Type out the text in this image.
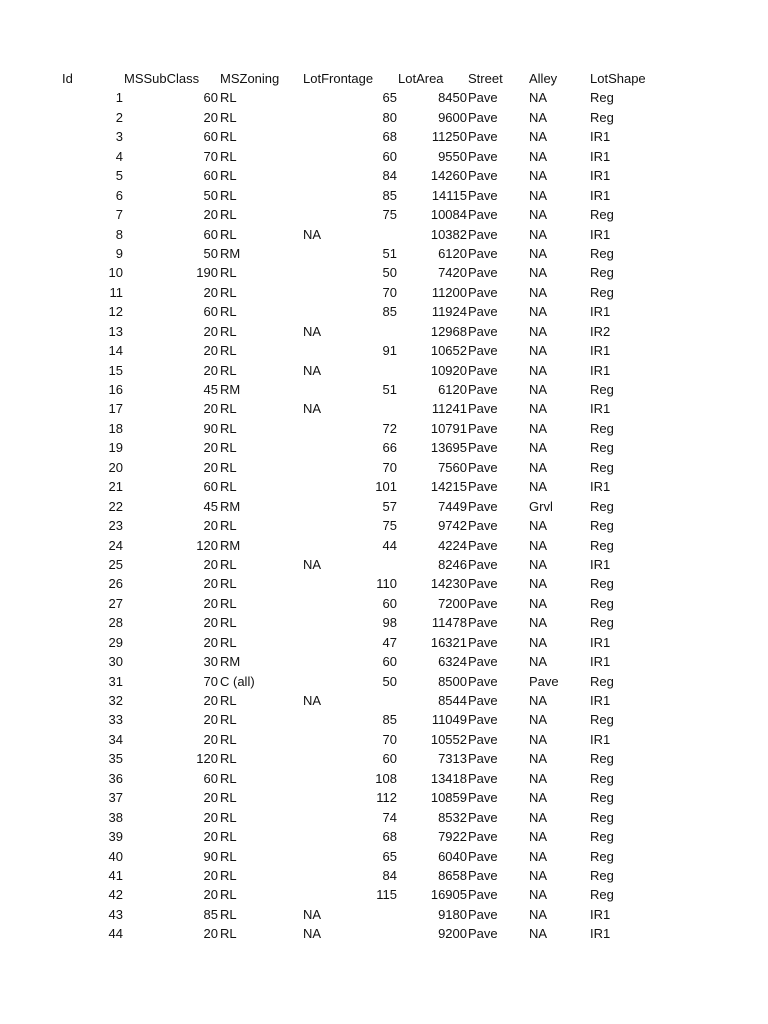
Id	MSSubClass MSZoning LotFrontage LotArea Street Alley	LotShape
1	60 RL	65	8450 Pave NA	Reg
2	20 RL	80	9600 Pave NA	Reg
3	60 RL	68	11250 Pave NA	IR1
4	70 RL	60	9550 Pave NA	IR1
5	60 RL	84	14260 Pave NA	IR1
6	50 RL	85	14115 Pave NA	IR1
7	20 RL	75	10084 Pave NA	Reg
8	60 RL	NA	10382 Pave NA	IR1
9	50 RM	51	6120 Pave NA	Reg
10	190 RL	50	7420 Pave NA	Reg
11	20 RL	70	11200 Pave NA	Reg
12	60 RL	85	11924 Pave NA	IR1
13	20 RL	NA	12968 Pave NA	IR2
14	20 RL	91	10652 Pave NA	IR1
15	20 RL	NA	10920 Pave NA	IR1
16	45 RM	51	6120 Pave NA	Reg
17	20 RL	NA	11241 Pave NA	IR1
18	90 RL	72	10791 Pave NA	Reg
19	20 RL	66	13695 Pave NA	Reg
20	20 RL	70	7560 Pave NA	Reg
21	60 RL	101	14215 Pave NA	IR1
22	45 RM	57	7449 Pave Grvl	Reg
23	20 RL	75	9742 Pave NA	Reg
24	120 RM	44	4224 Pave NA	Reg
25	20 RL	NA	8246 Pave NA	IR1
26	20 RL	110	14230 Pave NA	Reg
27	20 RL	60	7200 Pave NA	Reg
28	20 RL	98	11478 Pave NA	Reg
29	20 RL	47	16321 Pave NA	IR1
30	30 RM	60	6324 Pave NA	IR1
31	70 C (all)	50	8500 Pave Pave Reg
32	20 RL	NA	8544 Pave NA	IR1
33	20 RL	85	11049 Pave NA	Reg
34	20 RL	70	10552 Pave NA	IR1
35	120 RL	60	7313 Pave NA	Reg
36	60 RL	108	13418 Pave NA	Reg
37	20 RL	112	10859 Pave NA	Reg
38	20 RL	74	8532 Pave NA	Reg
39	20 RL	68	7922 Pave NA	Reg
40	90 RL	65	6040 Pave NA	Reg
41	20 RL	84	8658 Pave NA	Reg
42	20 RL	115	16905 Pave NA	Reg
43	85 RL	NA	9180 Pave NA	IR1
44	20 RL	NA	9200 Pave NA	IR1
